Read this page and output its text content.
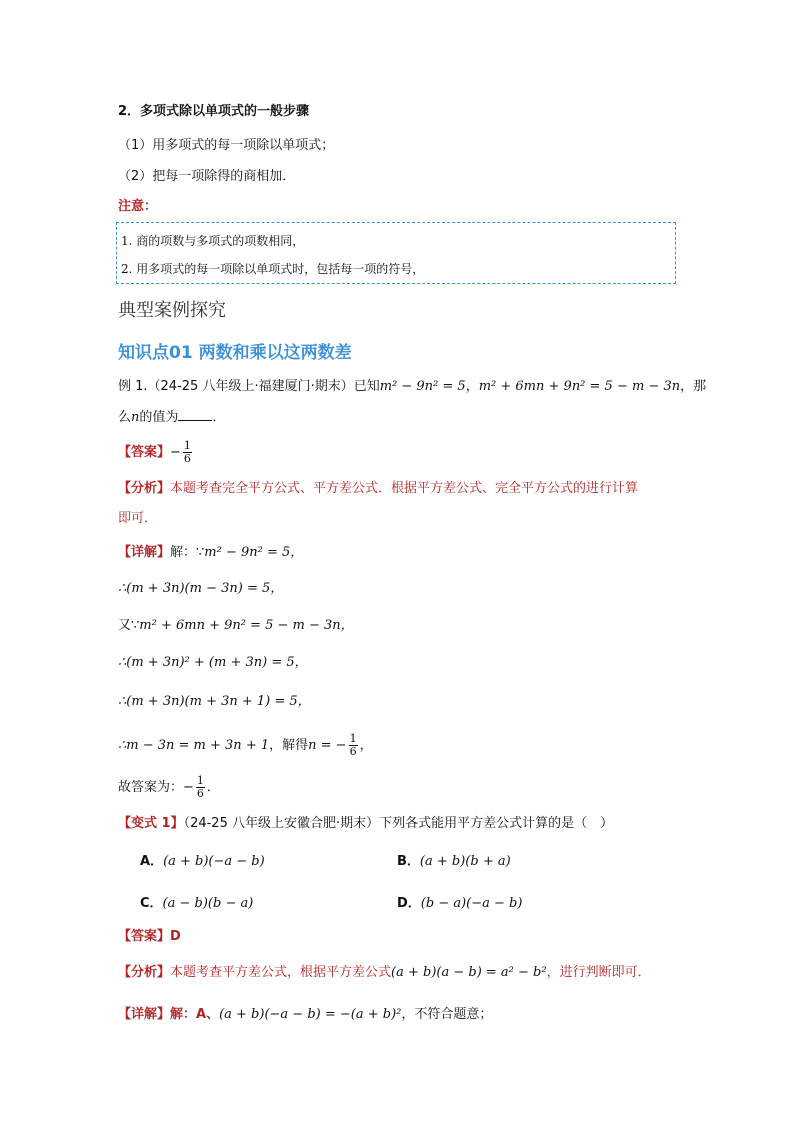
2．多项式除以单项式的一般步骤
（1）用多项式的每一项除以单项式；
（2）把每一项除得的商相加．
注意：
1. 商的项数与多项式的项数相同，
2. 用多项式的每一项除以单项式时，包括每一项的符号，
典型案例探究
知识点01 两数和乘以这两数差
例 1.（24-25 八年级上·福建厦门·期末）已知m² − 9n² = 5，m² + 6mn + 9n² = 5 − m − 3n，那
么n的值为	．
【答案】− $\frac{1}{6}$
【分析】本题考查完全平方公式、平方差公式．根据平方差公式、完全平方公式的进行计算
即可．
【详解】解：∵m² − 9n² = 5，
∴(m + 3n)(m − 3n) = 5，
又∵m² + 6mn + 9n² = 5 − m − 3n，
∴(m + 3n)² + (m + 3n) = 5，
∴(m + 3n)(m + 3n + 1) = 5，
∴m − 3n = m + 3n + 1，解得n = − $\frac{1}{6}$ ，
故答案为：− $\frac{1}{6}$ ．
【变式 1】（24-25 八年级上安徽合肥·期末）下列各式能用平方差公式计算的是（　）
A．(a + b)(−a − b)	B．(a + b)(b + a)
C．(a − b)(b − a)	D．(b − a)(−a − b)
【答案】D
【分析】本题考查平方差公式，根据平方差公式(a + b)(a − b) = a² − b²，进行判断即可．
【详解】解：A、(a + b)(−a − b) = −(a + b)²，不符合题意；
